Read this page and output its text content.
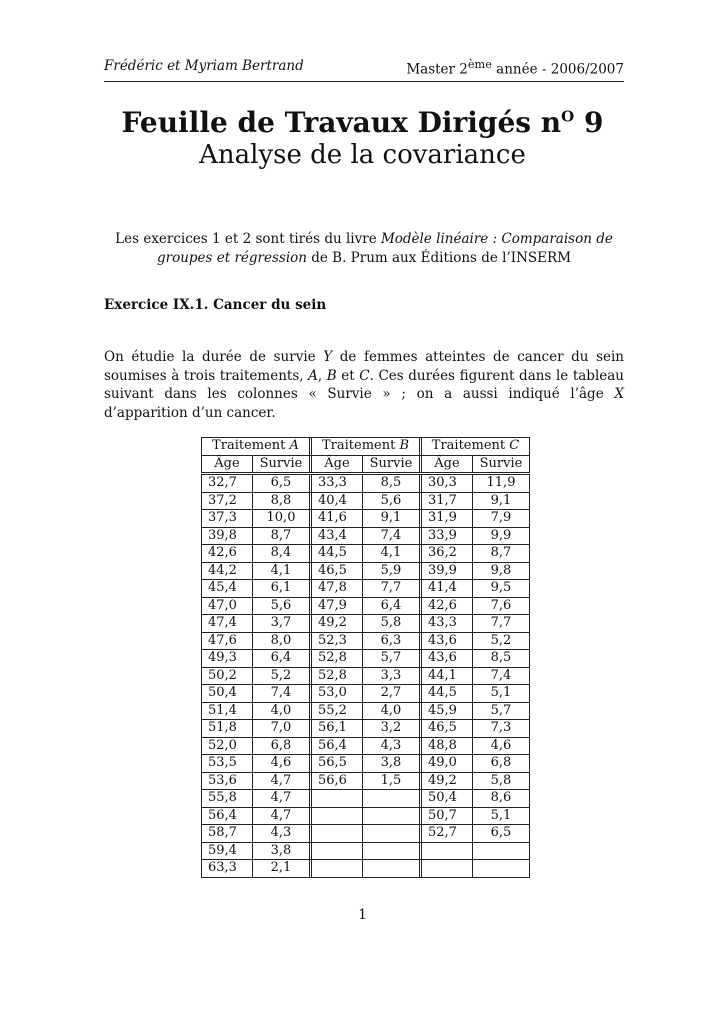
Frédéric et Myriam Bertrand	Master 2ème année - 2006/2007
Feuille de Travaux Dirigés $n^O$ 9
Analyse de la covariance
Les exercices 1 et 2 sont tirés du livre Modèle linéaire : Comparaison de groupes et régression de B. Prum aux Éditions de l’INSERM
Exercice IX.1. Cancer du sein
On étudie la durée de survie Y de femmes atteintes de cancer du sein soumises à trois traitements, A, B et C. Ces durées figurent dans le tableau suivant dans les colonnes « Survie » ; on a aussi indiqué l’âge X d’apparition d’un cancer.
Traitement A			Traitement B			Traitement C	
Âge	Survie		Âge	Survie		Âge	Survie
32,7	6,5		33,3	8,5		30,3	11,9
37,2	8,8		40,4	5,6		31,7	9,1
37,3	10,0		41,6	9,1		31,9	7,9
39,8	8,7		43,4	7,4		33,9	9,9
42,6	8,4		44,5	4,1		36,2	8,7
44,2	4,1		46,5	5,9		39,9	9,8
45,4	6,1		47,8	7,7		41,4	9,5
47,0	5,6		47,9	6,4		42,6	7,6
47,4	3,7		49,2	5,8		43,3	7,7
47,6	8,0		52,3	6,3		43,6	5,2
49,3	6,4		52,8	5,7		43,6	8,5
50,2	5,2		52,8	3,3		44,1	7,4
50,4	7,4		53,0	2,7		44,5	5,1
51,4	4,0		55,2	4,0		45,9	5,7
51,8	7,0		56,1	3,2		46,5	7,3
52,0	6,8		56,4	4,3		48,8	4,6
53,5	4,6		56,5	3,8		49,0	6,8
53,6	4,7		56,6	1,5		49,2	5,8
55,8	4,7					50,4	8,6
56,4	4,7					50,7	5,1
58,7	4,3					52,7	6,5
59,4	3,8						
63,3	2,1						
1
